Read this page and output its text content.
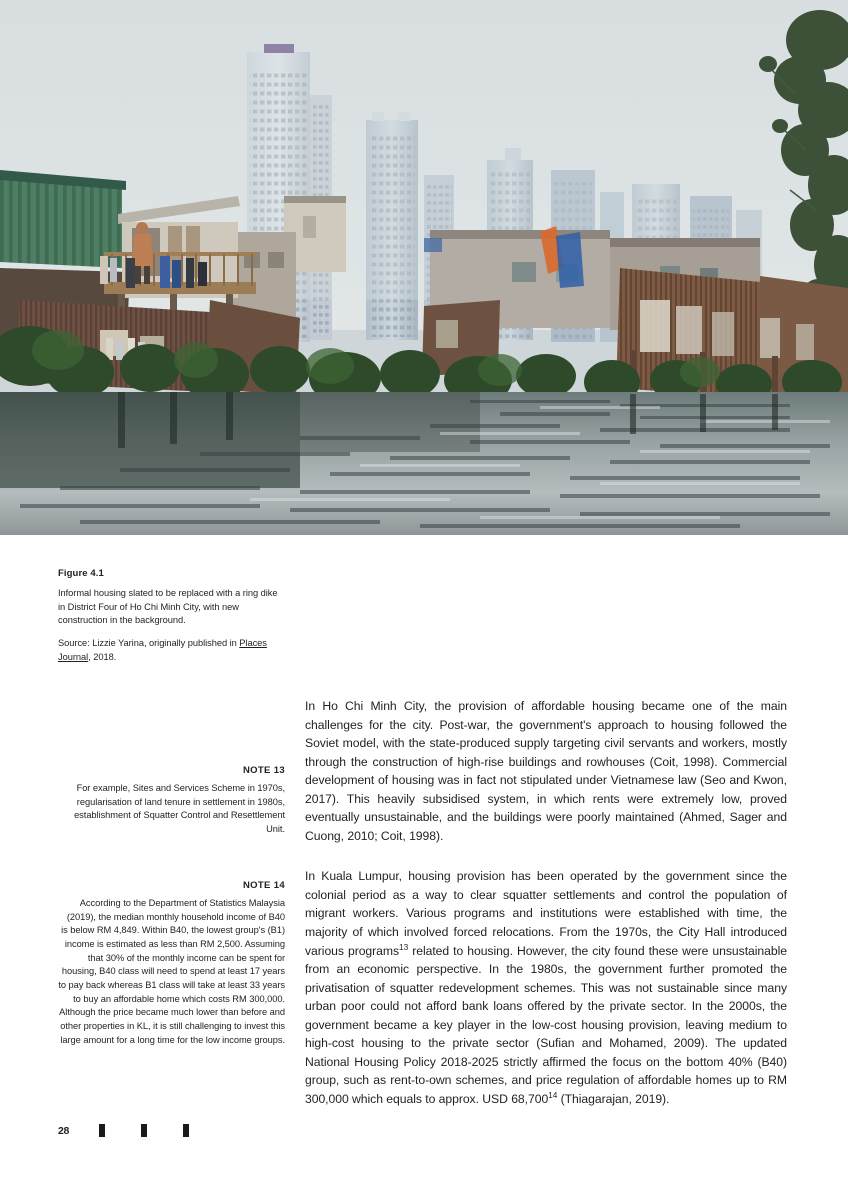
Figure 4.1

Informal housing slated to be replaced with a ring dike in District Four of Ho Chi Minh City, with new construction in the background.

Source: Lizzie Yarina, originally published in Places Journal, 2018.

NOTE 13

For example, Sites and Services Scheme in 1970s, regularisation of land tenure in settlement in 1980s, establishment of Squatter Control and Resettlement Unit.

NOTE 14

According to the Department of Statistics Malaysia (2019), the median monthly household income of B40 is below RM 4,849. Within B40, the lowest group's (B1) income is estimated as less than RM 2,500. Assuming that 30% of the monthly income can be spent for housing, B40 class will need to spend at least 17 years to pay back whereas B1 class will take at least 33 years to buy an affordable home which costs RM 300,000. Although the price became much lower than before and other properties in KL, it is still challenging to invest this large amount for a long time for the low income groups.

In Ho Chi Minh City, the provision of affordable housing became one of the main challenges for the city. Post-war, the government's approach to housing followed the Soviet model, with the state-produced supply targeting civil servants and workers, mostly through the construction of high-rise buildings and rowhouses (Coit, 1998). Commercial development of housing was in fact not stipulated under Vietnamese law (Seo and Kwon, 2017). This heavily subsidised system, in which rents were extremely low, proved eventually unsustainable, and the buildings were poorly maintained (Ahmed, Sager and Cuong, 2010; Coit, 1998).

In Kuala Lumpur, housing provision has been operated by the government since the colonial period as a way to clear squatter settlements and control the population of migrant workers. Various programs and institutions were established with time, the majority of which involved forced relocations. From the 1970s, the City Hall introduced various programs$^{13}$ related to housing. However, the city found these were unsustainable from an economic perspective. In the 1980s, the government further promoted the privatisation of squatter redevelopment schemes. This was not sustainable since many urban poor could not afford bank loans offered by the private sector. In the 2000s, the government became a key player in the low-cost housing provision, leaving medium to high-cost housing to the private sector (Sufian and Mohamed, 2009). The updated National Housing Policy 2018-2025 strictly affirmed the focus on the bottom 40% (B40) group, such as rent-to-own schemes, and price regulation of affordable homes up to RM 300,000 which equals to approx. USD 68,700$^{14}$ (Thiagarajan, 2019).

28
